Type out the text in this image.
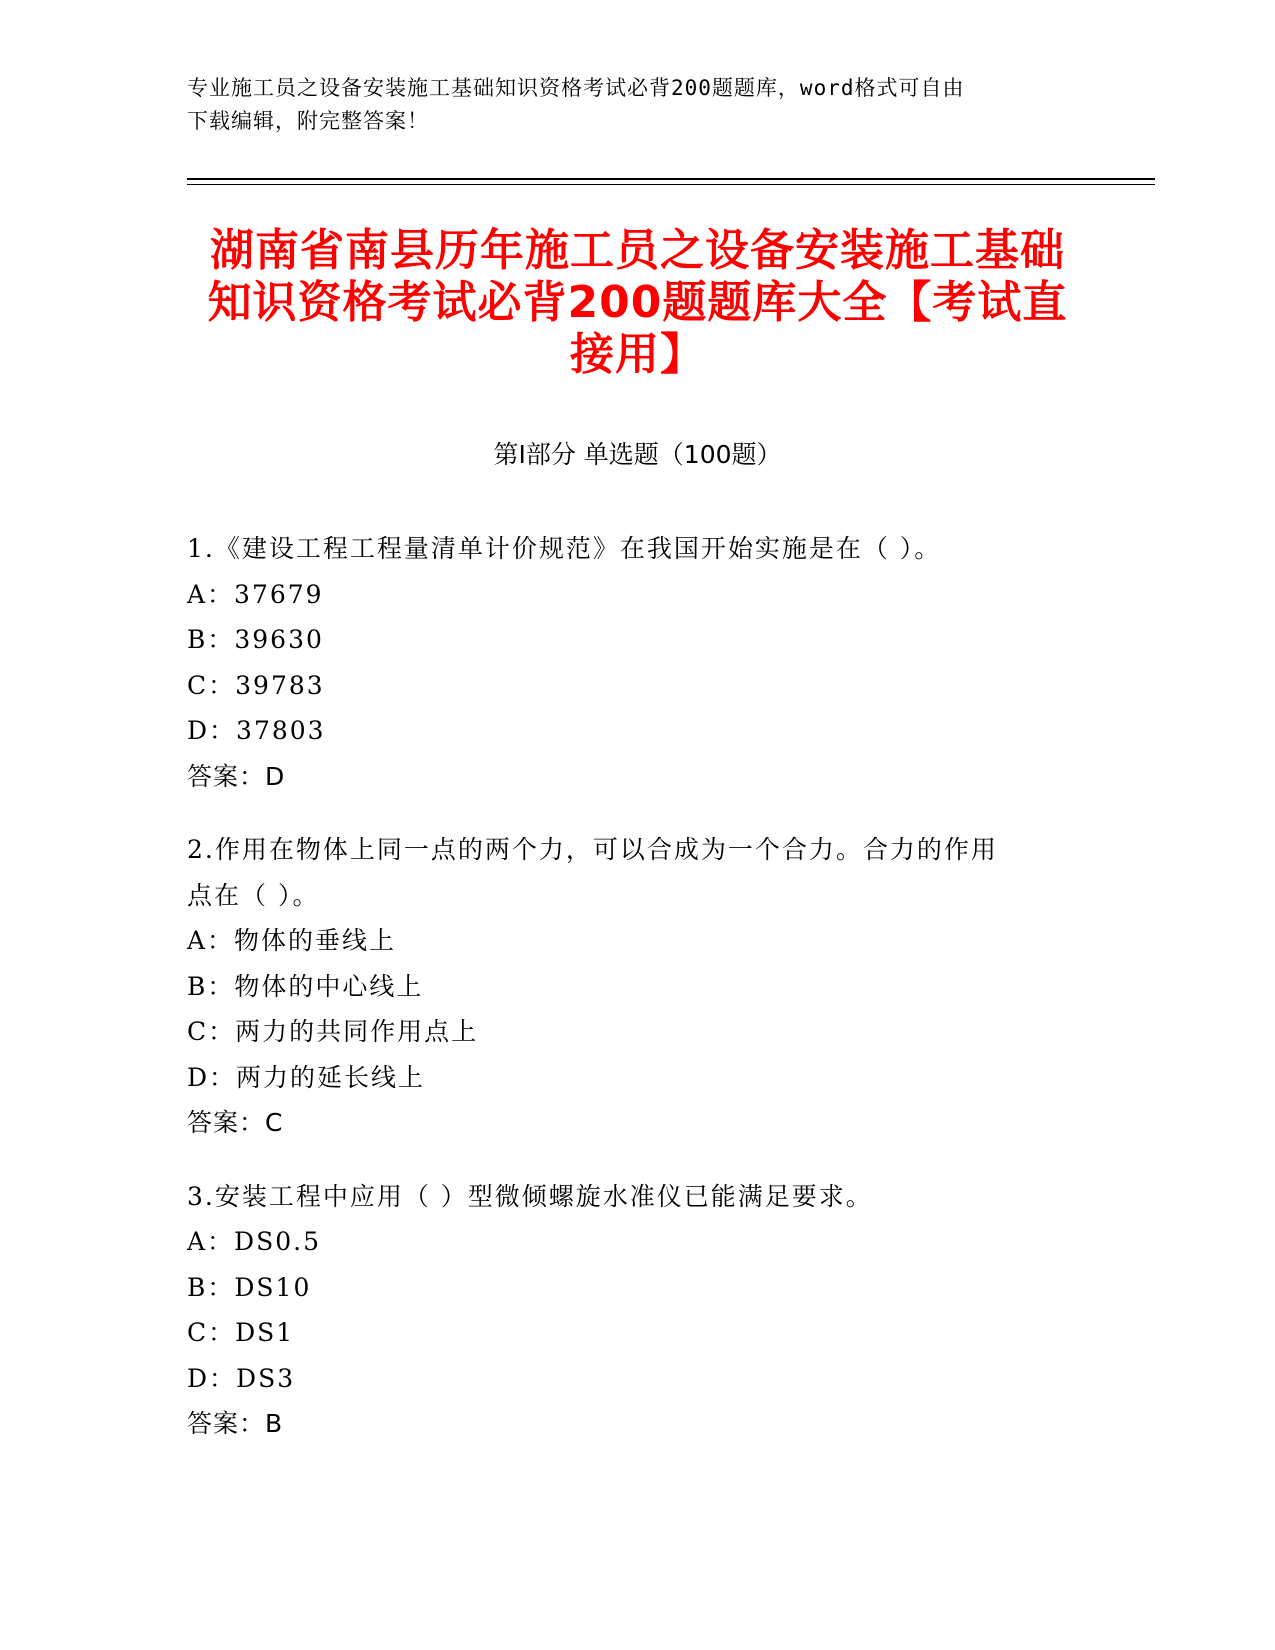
专业施工员之设备安装施工基础知识资格考试必背200题题库，word格式可自由
下载编辑，附完整答案！
湖南省南县历年施工员之设备安装施工基础
知识资格考试必背200题题库大全【考试直
接用】
第I部分 单选题（100题）
1.《建设工程工程量清单计价规范》在我国开始实施是在（ ）。
A：37679
B：39630
C：39783
D：37803
答案：D
2.作用在物体上同一点的两个力，可以合成为一个合力。合力的作用
点在（ ）。
A：物体的垂线上
B：物体的中心线上
C：两力的共同作用点上
D：两力的延长线上
答案：C
3.安装工程中应用（ ）型微倾螺旋水准仪已能满足要求。
A：DS0.5
B：DS10
C：DS1
D：DS3
答案：B
